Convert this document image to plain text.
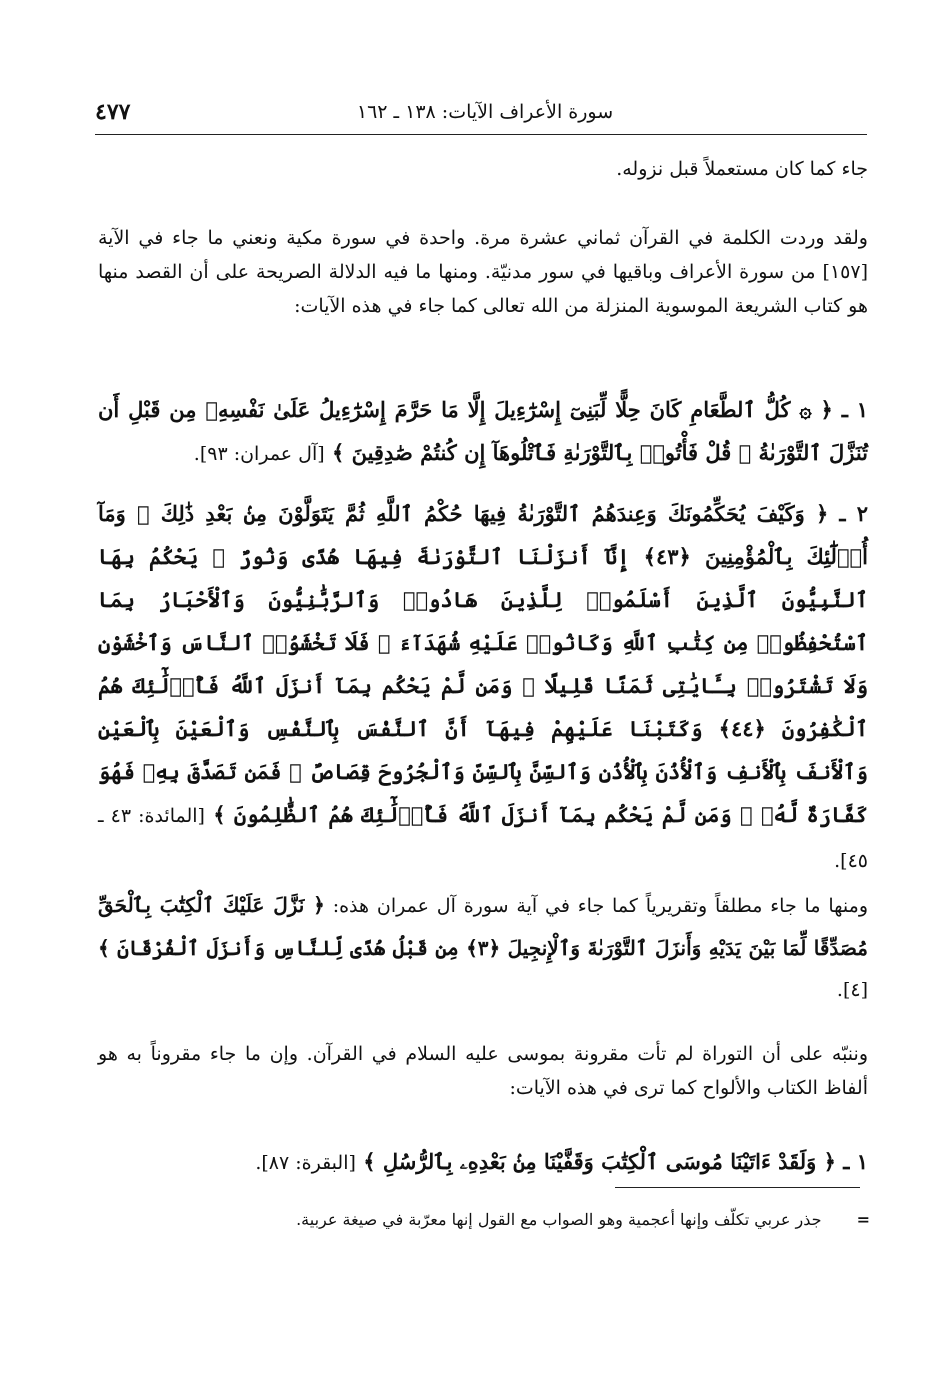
٤٧٧	سورة الأعراف الآيات: ١٣٨ ـ ١٦٢

جاء كما كان مستعملاً قبل نزوله.

ولقد وردت الكلمة في القرآن ثماني عشرة مرة. واحدة في سورة مكية ونعني ما جاء في الآية [١٥٧] من سورة الأعراف وباقيها في سور مدنيّة. ومنها ما فيه الدلالة الصريحة على أن القصد منها هو كتاب الشريعة الموسوية المنزلة من الله تعالى كما جاء في هذه الآيات:

١ ـ ﴿ ۞ كُلُّ ٱلطَّعَامِ كَانَ حِلًّا لِّبَنِىٓ إِسْرَٰٓءِيلَ إِلَّا مَا حَرَّمَ إِسْرَٰٓءِيلُ عَلَىٰ نَفْسِهِۦ مِن قَبْلِ أَن تُنَزَّلَ ٱلتَّوْرَىٰةُ ۗ قُلْ فَأْتُوا۟ بِٱلتَّوْرَىٰةِ فَٱتْلُوهَآ إِن كُنتُمْ صَٰدِقِينَ ﴾ [آل عمران: ٩٣].

٢ ـ ﴿ وَكَيْفَ يُحَكِّمُونَكَ وَعِندَهُمُ ٱلتَّوْرَىٰةُ فِيهَا حُكْمُ ٱللَّهِ ثُمَّ يَتَوَلَّوْنَ مِنۢ بَعْدِ ذَٰلِكَ ۚ وَمَآ أُو۟لَٰٓئِكَ بِٱلْمُؤْمِنِينَ ﴿٤٣﴾ إِنَّآ أَنزَلْنَا ٱلتَّوْرَىٰةَ فِيهَا هُدًى وَنُورٌ ۚ يَحْكُمُ بِهَا ٱلنَّبِيُّونَ ٱلَّذِينَ أَسْلَمُوا۟ لِلَّذِينَ هَادُوا۟ وَٱلرَّبَّٰنِيُّونَ وَٱلْأَحْبَارُ بِمَا ٱسْتُحْفِظُوا۟ مِن كِتَٰبِ ٱللَّهِ وَكَانُوا۟ عَلَيْهِ شُهَدَآءَ ۚ فَلَا تَخْشَوُا۟ ٱلنَّاسَ وَٱخْشَوْنِ وَلَا تَشْتَرُوا۟ بِـَٔايَٰتِى ثَمَنًا قَلِيلًا ۚ وَمَن لَّمْ يَحْكُم بِمَآ أَنزَلَ ٱللَّهُ فَأُو۟لَٰٓئِكَ هُمُ ٱلْكَٰفِرُونَ ﴿٤٤﴾ وَكَتَبْنَا عَلَيْهِمْ فِيهَآ أَنَّ ٱلنَّفْسَ بِٱلنَّفْسِ وَٱلْعَيْنَ بِٱلْعَيْنِ وَٱلْأَنفَ بِٱلْأَنفِ وَٱلْأُذُنَ بِٱلْأُذُنِ وَٱلسِّنَّ بِٱلسِّنِّ وَٱلْجُرُوحَ قِصَاصٌ ۚ فَمَن تَصَدَّقَ بِهِۦ فَهُوَ كَفَّارَةٌ لَّهُۥ ۚ وَمَن لَّمْ يَحْكُم بِمَآ أَنزَلَ ٱللَّهُ فَأُو۟لَٰٓئِكَ هُمُ ٱلظَّٰلِمُونَ ﴾ [المائدة: ٤٣ ـ ٤٥].

ومنها ما جاء مطلقاً وتقريرياً كما جاء في آية سورة آل عمران هذه: ﴿ نَزَّلَ عَلَيْكَ ٱلْكِتَٰبَ بِٱلْحَقِّ مُصَدِّقًا لِّمَا بَيْنَ يَدَيْهِ وَأَنزَلَ ٱلتَّوْرَىٰةَ وَٱلْإِنجِيلَ ﴿٣﴾ مِن قَبْلُ هُدًى لِّلنَّاسِ وَأَنزَلَ ٱلْفُرْقَانَ ﴾ [٤].

وننبّه على أن التوراة لم تأت مقرونة بموسى عليه السلام في القرآن. وإن ما جاء مقروناً به هو ألفاظ الكتاب والألواح كما ترى في هذه الآيات:

١ ـ ﴿ وَلَقَدْ ءَاتَيْنَا مُوسَى ٱلْكِتَٰبَ وَقَفَّيْنَا مِنۢ بَعْدِهِۦ بِٱلرُّسُلِ ﴾ [البقرة: ٨٧].

= جذر عربي تكلّف وإنها أعجمية وهو الصواب مع القول إنها معرّبة في صيغة عربية.
